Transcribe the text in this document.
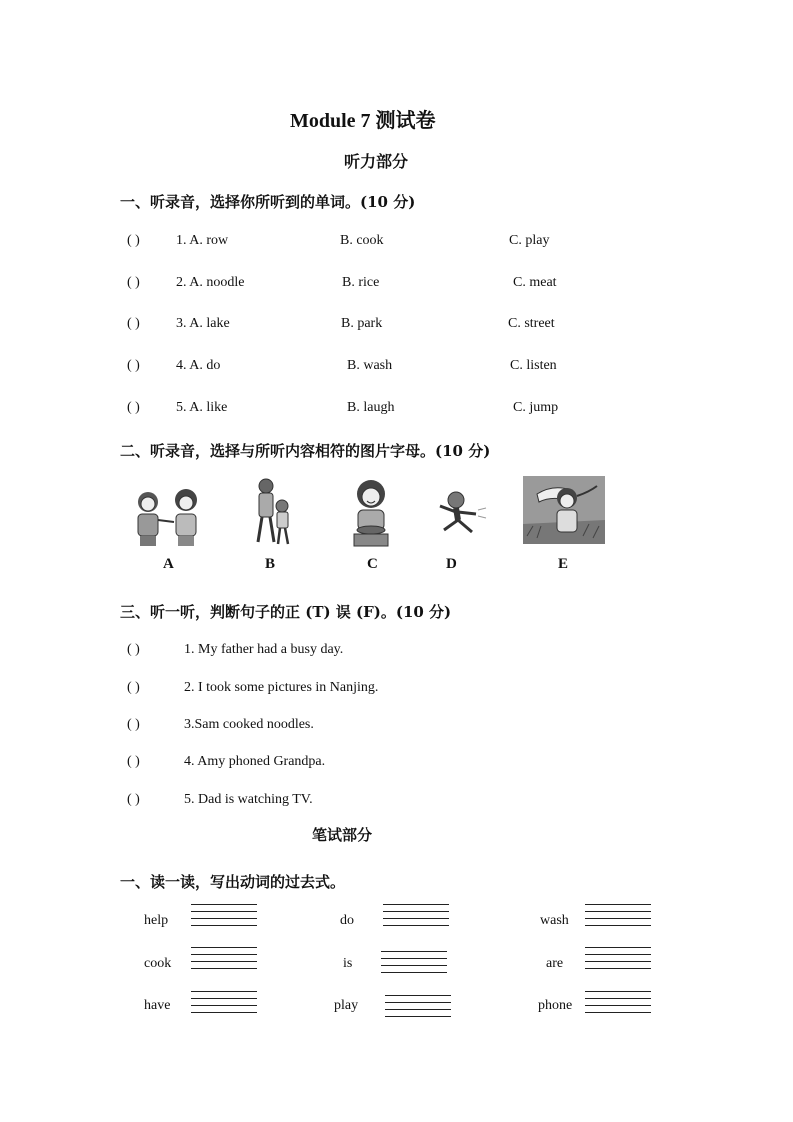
Module 7 测试卷
听力部分
一、听录音，选择你所听到的单词。(10 分)
( )	1. A. row	B. cook	C. play
( )	2. A. noodle	B. rice	C. meat
( )	3. A. lake	B. park	C. street
( )	4. A. do	B. wash	C. listen
( )	5. A. like	B. laugh	C. jump
二、听录音，选择与所听内容相符的图片字母。(10 分)
A	B	C	D	E
三、听一听，判断句子的正 (T) 误 (F)。(10 分)
( )	1. My father had a busy day.
( )	2. I took some pictures in Nanjing.
( )	3.Sam cooked noodles.
( )	4. Amy phoned Grandpa.
( )	5. Dad is watching TV.
笔试部分
一、读一读，写出动词的过去式。
help	do	wash
cook	is	are
have	play	phone
